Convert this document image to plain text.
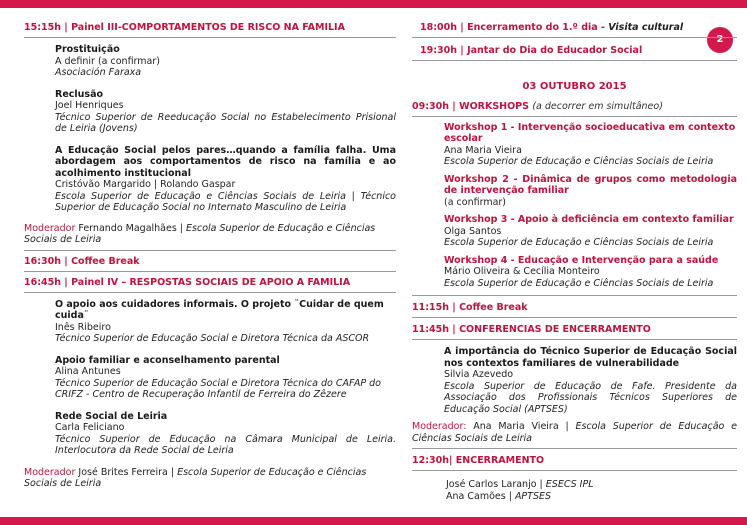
2
15:15h | Painel III-COMPORTAMENTOS DE RISCO NA FAMILIA
Prostituição
A definir (a confirmar)
Asociación Faraxa
Reclusão
Joel Henriques
Técnico Superior de Reeducação Social no Estabelecimento Prisional de Leiria (Jovens)
A Educação Social pelos pares…quando a família falha. Uma abordagem aos comportamentos de risco na família e ao acolhimento institucional
Cristóvão Margarido | Rolando Gaspar
Escola Superior de Educação e Ciências Sociais de Leiria | Técnico Superior de Educação Social no Internato Masculino de Leiria
Moderador Fernando Magalhães | Escola Superior de Educação e Ciências Sociais de Leiria
16:30h | Coffee Break
16:45h | Painel IV – RESPOSTAS SOCIAIS DE APOIO A FAMILIA
O apoio aos cuidadores informais. O projeto ¨Cuidar de quem cuida¨
Inês Ribeiro
Técnico Superior de Educação Social e Diretora Técnica da ASCOR
Apoio familiar e aconselhamento parental
Alina Antunes
Técnico Superior de Educação Social e Diretora Técnica do CAFAP do CRIFZ - Centro de Recuperação Infantil de Ferreira do Zêzere
Rede Social de Leiria
Carla Feliciano
Técnico Superior de Educação na Câmara Municipal de Leiria. Interlocutora da Rede Social de Leiria
Moderador José Brites Ferreira | Escola Superior de Educação e Ciências Sociais de Leiria
18:00h | Encerramento do 1.º dia - Visita cultural
19:30h | Jantar do Dia do Educador Social
03 OUTUBRO 2015
09:30h | WORKSHOPS (a decorrer em simultâneo)
Workshop 1 - Intervenção socioeducativa em contexto escolar
Ana Maria Vieira
Escola Superior de Educação e Ciências Sociais de Leiria
Workshop 2 - Dinâmica de grupos como metodologia de intervenção familiar
(a confirmar)
Workshop 3 - Apoio à deficiência em contexto familiar
Olga Santos
Escola Superior de Educação e Ciências Sociais de Leiria
Workshop 4 - Educação e Intervenção para a saúde
Mário Oliveira & Cecília Monteiro
Escola Superior de Educação e Ciências Sociais de Leiria
11:15h | Coffee Break
11:45h | CONFERENCIAS DE ENCERRAMENTO
A importância do Técnico Superior de Educação Social nos contextos familiares de vulnerabilidade
Silvia Azevedo
Escola Superior de Educação de Fafe. Presidente da Associação dos Profissionais Técnicos Superiores de Educação Social (APTSES)
Moderador: Ana Maria Vieira | Escola Superior de Educação e Ciências Sociais de Leiria
12:30h| ENCERRAMENTO
José Carlos Laranjo | ESECS IPL
Ana Camões | APTSES
